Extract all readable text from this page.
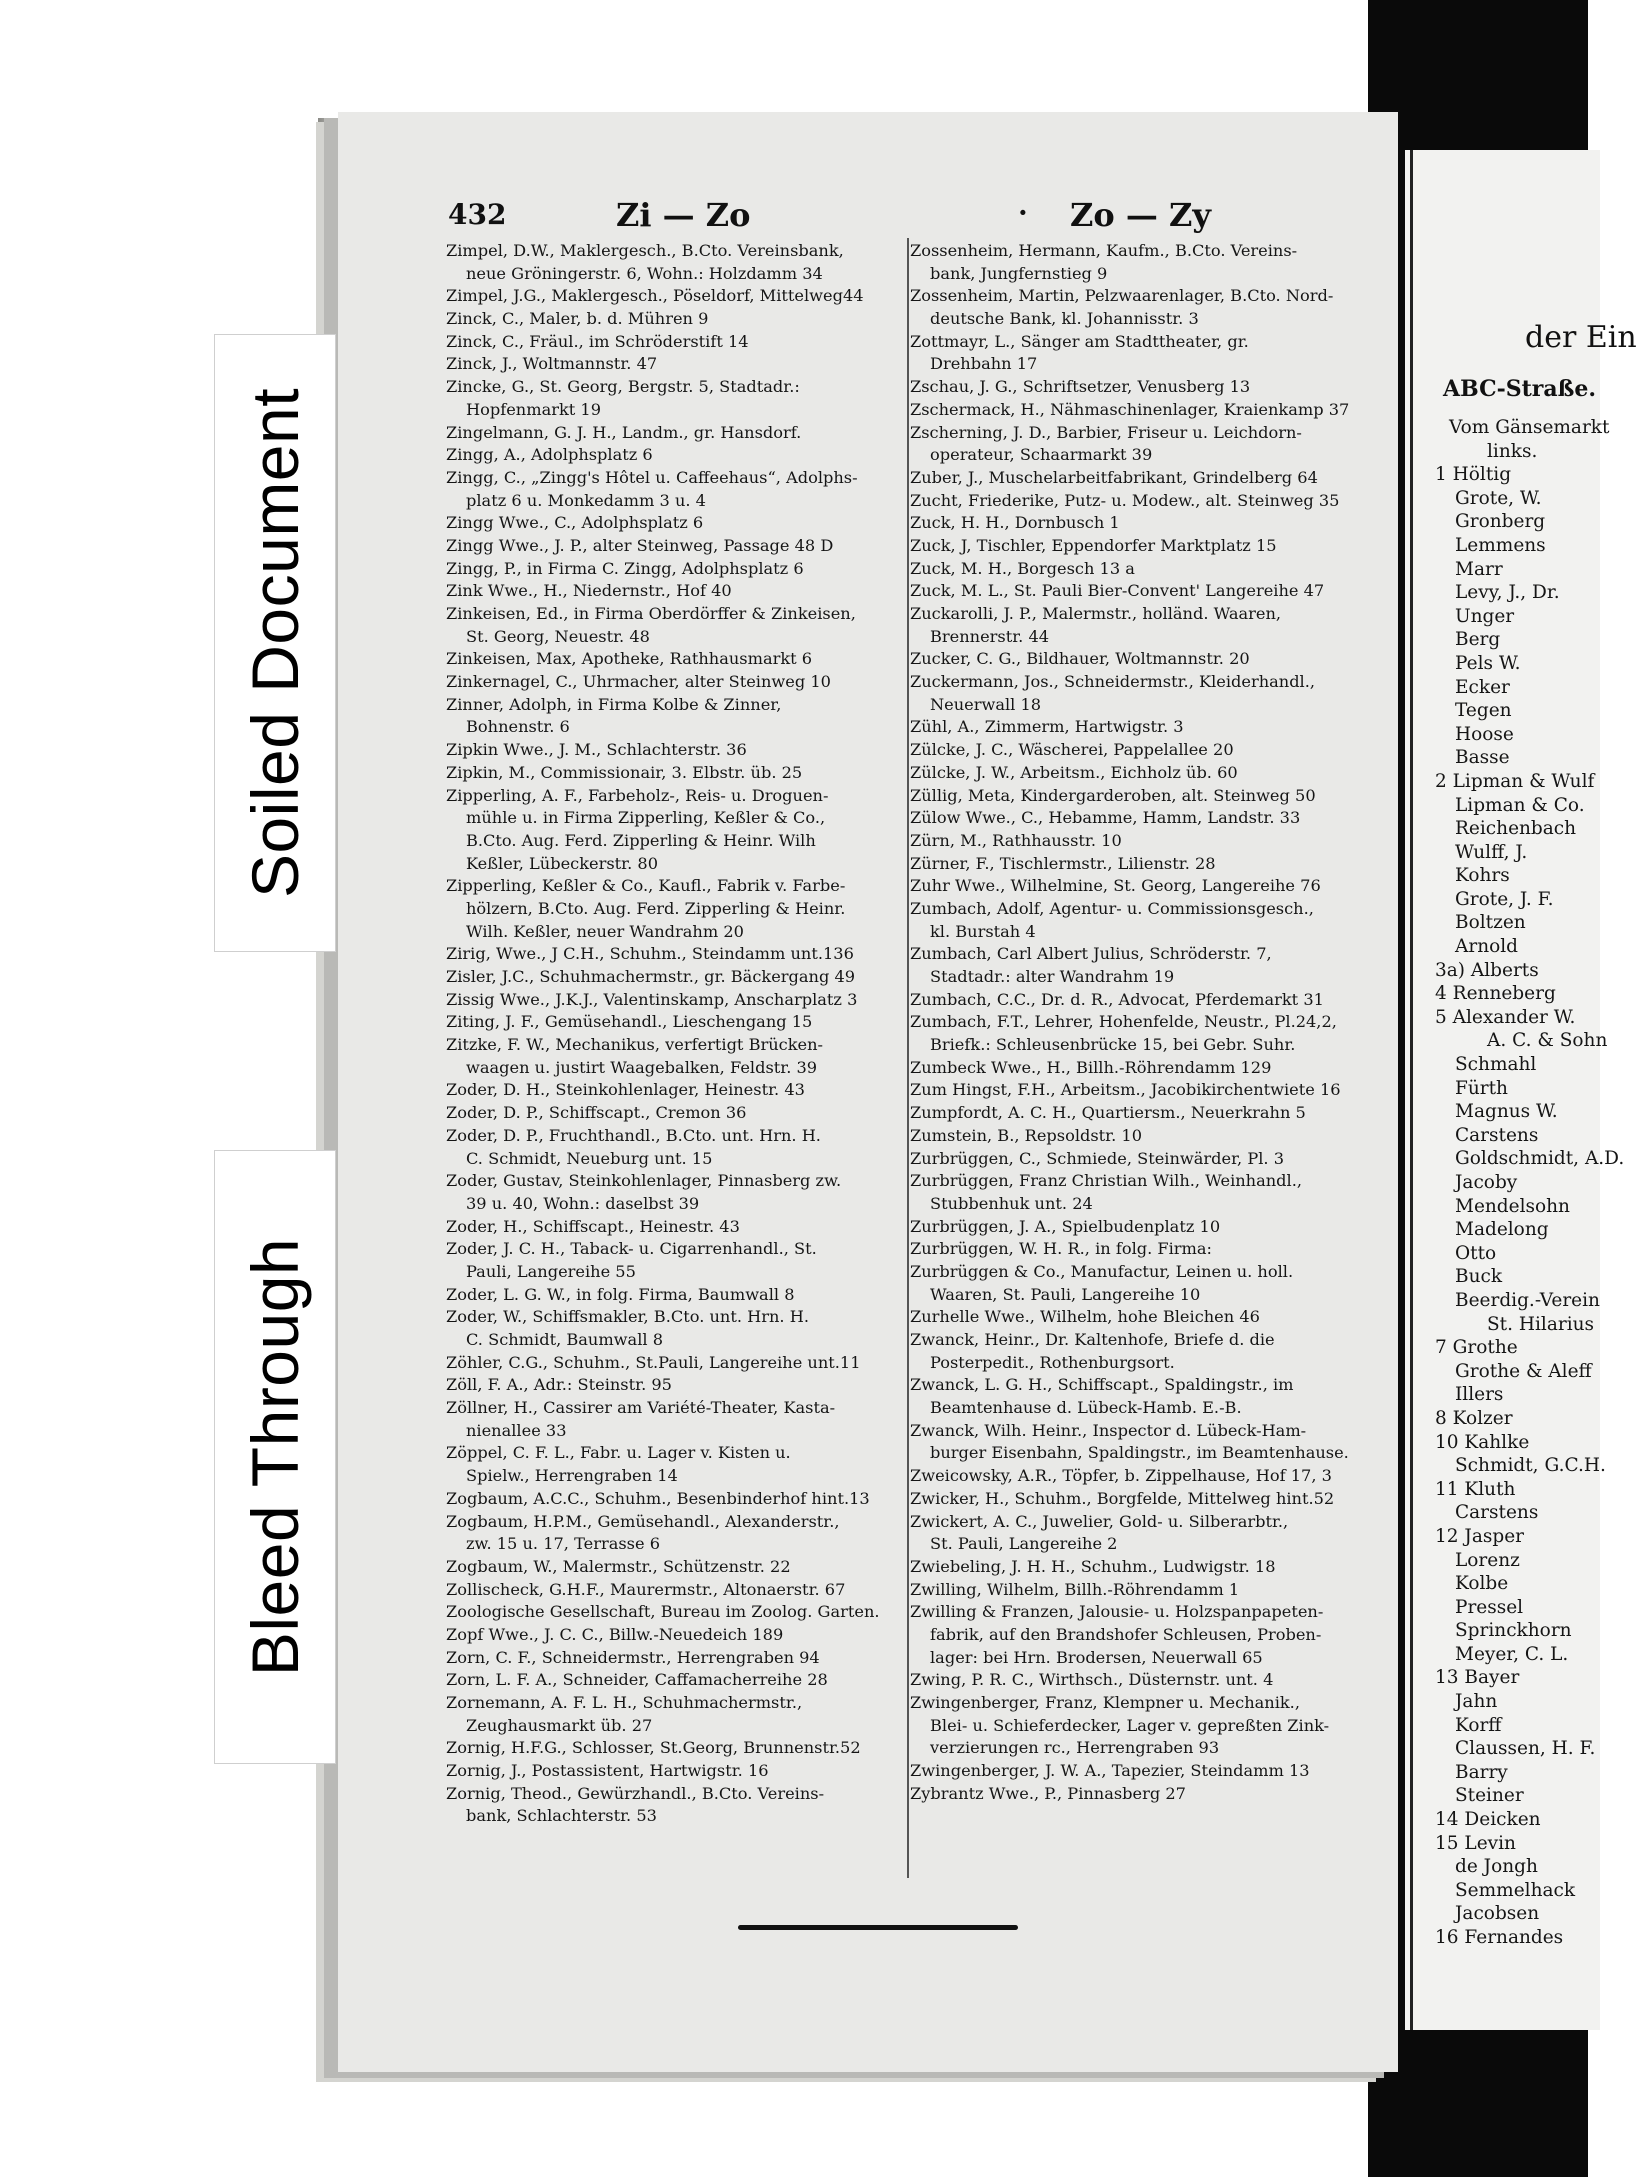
Soiled Document
Bleed Through
432	Zi — Zo	· Zo — Zy
Zimpel, D.W., Maklergesch., B.Cto. Vereinsbank,
neue Gröningerstr. 6, Wohn.: Holzdamm 34
Zimpel, J.G., Maklergesch., Pöseldorf, Mittelweg44
Zinck, C., Maler, b. d. Mühren 9
Zinck, C., Fräul., im Schröderstift 14
Zinck, J., Woltmannstr. 47
Zincke, G., St. Georg, Bergstr. 5, Stadtadr.:
Hopfenmarkt 19
Zingelmann, G. J. H., Landm., gr. Hansdorf.
Zingg, A., Adolphsplatz 6
Zingg, C., „Zingg's Hôtel u. Caffeehaus“, Adolphs-
platz 6 u. Monkedamm 3 u. 4
Zingg Wwe., C., Adolphsplatz 6
Zingg Wwe., J. P., alter Steinweg, Passage 48 D
Zingg, P., in Firma C. Zingg, Adolphsplatz 6
Zink Wwe., H., Niedernstr., Hof 40
Zinkeisen, Ed., in Firma Oberdörffer & Zinkeisen,
St. Georg, Neuestr. 48
Zinkeisen, Max, Apotheke, Rathhausmarkt 6
Zinkernagel, C., Uhrmacher, alter Steinweg 10
Zinner, Adolph, in Firma Kolbe & Zinner,
Bohnenstr. 6
Zipkin Wwe., J. M., Schlachterstr. 36
Zipkin, M., Commissionair, 3. Elbstr. üb. 25
Zipperling, A. F., Farbeholz-, Reis- u. Droguen-
mühle u. in Firma Zipperling, Keßler & Co.,
B.Cto. Aug. Ferd. Zipperling & Heinr. Wilh
Keßler, Lübeckerstr. 80
Zipperling, Keßler & Co., Kaufl., Fabrik v. Farbe-
hölzern, B.Cto. Aug. Ferd. Zipperling & Heinr.
Wilh. Keßler, neuer Wandrahm 20
Zirig, Wwe., J C.H., Schuhm., Steindamm unt.136
Zisler, J.C., Schuhmachermstr., gr. Bäckergang 49
Zissig Wwe., J.K.J., Valentinskamp, Anscharplatz 3
Ziting, J. F., Gemüsehandl., Lieschengang 15
Zitzke, F. W., Mechanikus, verfertigt Brücken-
waagen u. justirt Waagebalken, Feldstr. 39
Zoder, D. H., Steinkohlenlager, Heinestr. 43
Zoder, D. P., Schiffscapt., Cremon 36
Zoder, D. P., Fruchthandl., B.Cto. unt. Hrn. H.
C. Schmidt, Neueburg unt. 15
Zoder, Gustav, Steinkohlenlager, Pinnasberg zw.
39 u. 40, Wohn.: daselbst 39
Zoder, H., Schiffscapt., Heinestr. 43
Zoder, J. C. H., Taback- u. Cigarrenhandl., St.
Pauli, Langereihe 55
Zoder, L. G. W., in folg. Firma, Baumwall 8
Zoder, W., Schiffsmakler, B.Cto. unt. Hrn. H.
C. Schmidt, Baumwall 8
Zöhler, C.G., Schuhm., St.Pauli, Langereihe unt.11
Zöll, F. A., Adr.: Steinstr. 95
Zöllner, H., Cassirer am Variété-Theater, Kasta-
nienallee 33
Zöppel, C. F. L., Fabr. u. Lager v. Kisten u.
Spielw., Herrengraben 14
Zogbaum, A.C.C., Schuhm., Besenbinderhof hint.13
Zogbaum, H.P.M., Gemüsehandl., Alexanderstr.,
zw. 15 u. 17, Terrasse 6
Zogbaum, W., Malermstr., Schützenstr. 22
Zollischeck, G.H.F., Maurermstr., Altonaerstr. 67
Zoologische Gesellschaft, Bureau im Zoolog. Garten.
Zopf Wwe., J. C. C., Billw.-Neuedeich 189
Zorn, C. F., Schneidermstr., Herrengraben 94
Zorn, L. F. A., Schneider, Caffamacherreihe 28
Zornemann, A. F. L. H., Schuhmachermstr.,
Zeughausmarkt üb. 27
Zornig, H.F.G., Schlosser, St.Georg, Brunnenstr.52
Zornig, J., Postassistent, Hartwigstr. 16
Zornig, Theod., Gewürzhandl., B.Cto. Vereins-
bank, Schlachterstr. 53
Zossenheim, Hermann, Kaufm., B.Cto. Vereins-
bank, Jungfernstieg 9
Zossenheim, Martin, Pelzwaarenlager, B.Cto. Nord-
deutsche Bank, kl. Johannisstr. 3
Zottmayr, L., Sänger am Stadttheater, gr.
Drehbahn 17
Zschau, J. G., Schriftsetzer, Venusberg 13
Zschermack, H., Nähmaschinenlager, Kraienkamp 37
Zscherning, J. D., Barbier, Friseur u. Leichdorn-
operateur, Schaarmarkt 39
Zuber, J., Muschelarbeitfabrikant, Grindelberg 64
Zucht, Friederike, Putz- u. Modew., alt. Steinweg 35
Zuck, H. H., Dornbusch 1
Zuck, J, Tischler, Eppendorfer Marktplatz 15
Zuck, M. H., Borgesch 13 a
Zuck, M. L., St. Pauli Bier-Convent' Langereihe 47
Zuckarolli, J. P., Malermstr., holländ. Waaren,
Brennerstr. 44
Zucker, C. G., Bildhauer, Woltmannstr. 20
Zuckermann, Jos., Schneidermstr., Kleiderhandl.,
Neuerwall 18
Zühl, A., Zimmerm, Hartwigstr. 3
Zülcke, J. C., Wäscherei, Pappelallee 20
Zülcke, J. W., Arbeitsm., Eichholz üb. 60
Züllig, Meta, Kindergarderoben, alt. Steinweg 50
Zülow Wwe., C., Hebamme, Hamm, Landstr. 33
Zürn, M., Rathhausstr. 10
Zürner, F., Tischlermstr., Lilienstr. 28
Zuhr Wwe., Wilhelmine, St. Georg, Langereihe 76
Zumbach, Adolf, Agentur- u. Commissionsgesch.,
kl. Burstah 4
Zumbach, Carl Albert Julius, Schröderstr. 7,
Stadtadr.: alter Wandrahm 19
Zumbach, C.C., Dr. d. R., Advocat, Pferdemarkt 31
Zumbach, F.T., Lehrer, Hohenfelde, Neustr., Pl.24,2,
Briefk.: Schleusenbrücke 15, bei Gebr. Suhr.
Zumbeck Wwe., H., Billh.-Röhrendamm 129
Zum Hingst, F.H., Arbeitsm., Jacobikirchentwiete 16
Zumpfordt, A. C. H., Quartiersm., Neuerkrahn 5
Zumstein, B., Repsoldstr. 10
Zurbrüggen, C., Schmiede, Steinwärder, Pl. 3
Zurbrüggen, Franz Christian Wilh., Weinhandl.,
Stubbenhuk unt. 24
Zurbrüggen, J. A., Spielbudenplatz 10
Zurbrüggen, W. H. R., in folg. Firma:
Zurbrüggen & Co., Manufactur, Leinen u. holl.
Waaren, St. Pauli, Langereihe 10
Zurhelle Wwe., Wilhelm, hohe Bleichen 46
Zwanck, Heinr., Dr. Kaltenhofe, Briefe d. die
Posterpedit., Rothenburgsort.
Zwanck, L. G. H., Schiffscapt., Spaldingstr., im
Beamtenhause d. Lübeck-Hamb. E.-B.
Zwanck, Wilh. Heinr., Inspector d. Lübeck-Ham-
burger Eisenbahn, Spaldingstr., im Beamtenhause.
Zweicowsky, A.R., Töpfer, b. Zippelhause, Hof 17, 3
Zwicker, H., Schuhm., Borgfelde, Mittelweg hint.52
Zwickert, A. C., Juwelier, Gold- u. Silberarbtr.,
St. Pauli, Langereihe 2
Zwiebeling, J. H. H., Schuhm., Ludwigstr. 18
Zwilling, Wilhelm, Billh.-Röhrendamm 1
Zwilling & Franzen, Jalousie- u. Holzspanpapeten-
fabrik, auf den Brandshofer Schleusen, Proben-
lager: bei Hrn. Brodersen, Neuerwall 65
Zwing, P. R. C., Wirthsch., Düsternstr. unt. 4
Zwingenberger, Franz, Klempner u. Mechanik.,
Blei- u. Schieferdecker, Lager v. gepreßten Zink-
verzierungen rc., Herrengraben 93
Zwingenberger, J. W. A., Tapezier, Steindamm 13
Zybrantz Wwe., P., Pinnasberg 27
der Ein
ABC-Straße.
Vom Gänsemarkt
links.
1 Höltig
Grote, W.
Gronberg
Lemmens
Marr
Levy, J., Dr.
Unger
Berg
Pels W.
Ecker
Tegen
Hoose
Basse
2 Lipman & Wulf
Lipman & Co.
Reichenbach
Wulff, J.
Kohrs
Grote, J. F.
Boltzen
Arnold
3a) Alberts
4 Renneberg
5 Alexander W.
A. C. & Sohn
Schmahl
Fürth
Magnus W.
Carstens
Goldschmidt, A.D.
Jacoby
Mendelsohn
Madelong
Otto
Buck
Beerdig.-Verein
St. Hilarius
7 Grothe
Grothe & Aleff
Illers
8 Kolzer
10 Kahlke
Schmidt, G.C.H.
11 Kluth
Carstens
12 Jasper
Lorenz
Kolbe
Pressel
Sprinckhorn
Meyer, C. L.
13 Bayer
Jahn
Korff
Claussen, H. F.
Barry
Steiner
14 Deicken
15 Levin
de Jongh
Semmelhack
Jacobsen
16 Fernandes
